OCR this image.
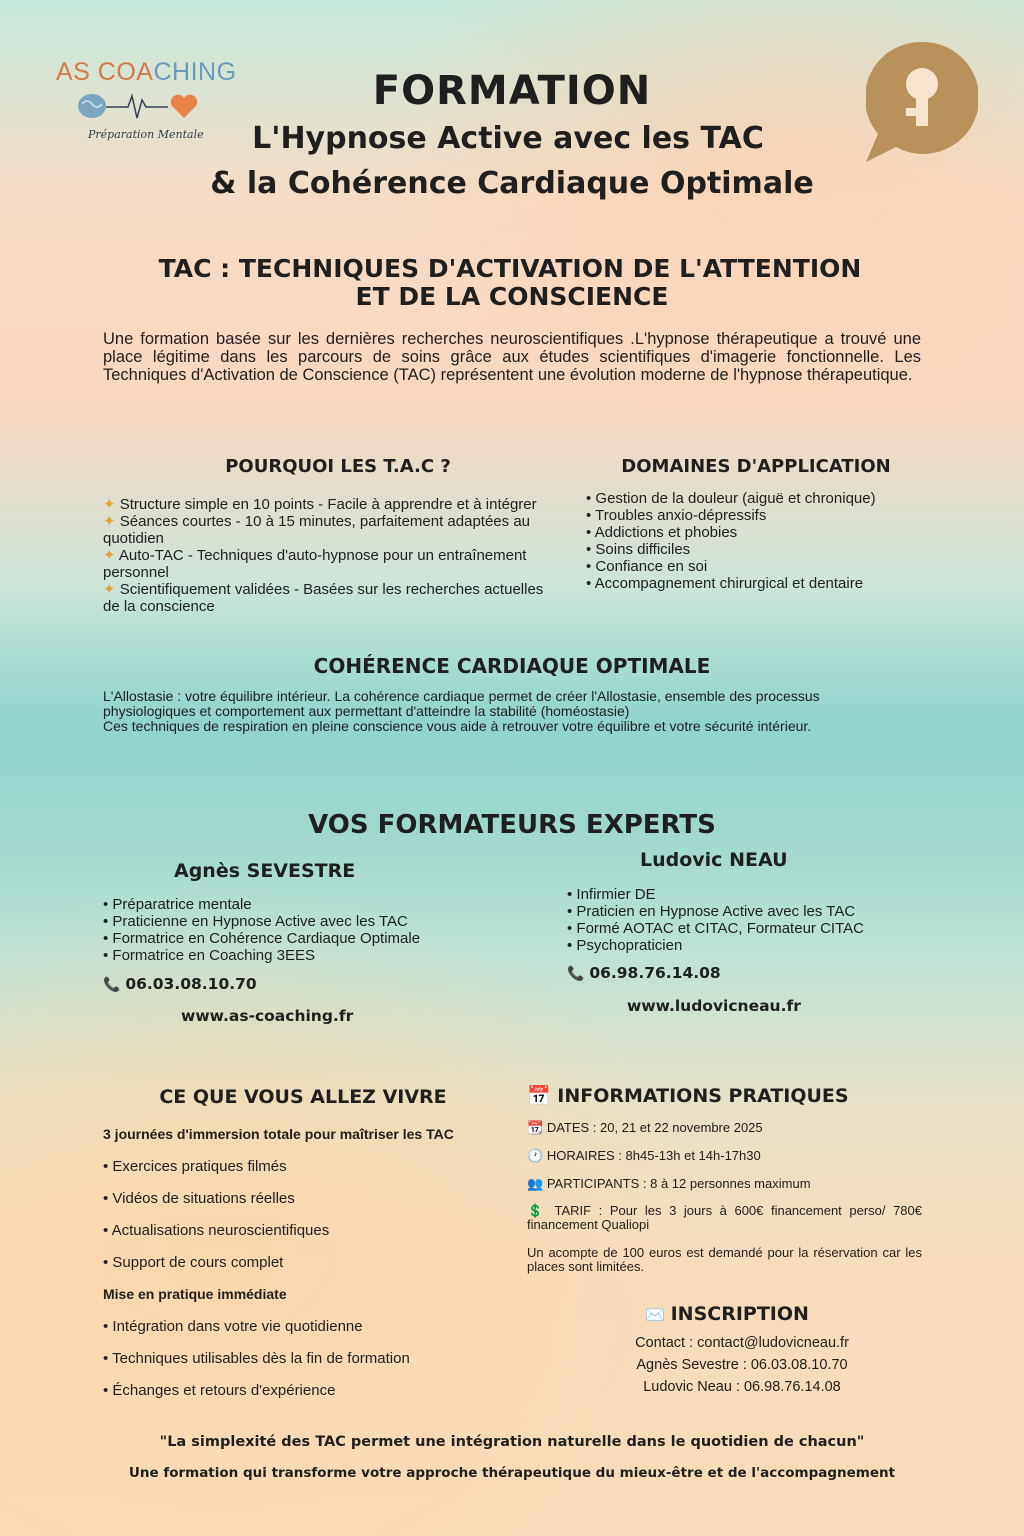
AS COACHING
Préparation Mentale
FORMATION
L'Hypnose Active avec les TAC
& la Cohérence Cardiaque Optimale
TAC : TECHNIQUES D'ACTIVATION DE L'ATTENTION
ET DE LA CONSCIENCE

Une formation basée sur les dernières recherches neuroscientifiques .L'hypnose thérapeutique a trouvé une place légitime dans les parcours de soins grâce aux études scientifiques d'imagerie fonctionnelle. Les Techniques d'Activation de Conscience (TAC) représentent une évolution moderne de l'hypnose thérapeutique.

POURQUOI LES T.A.C ?
✦ Structure simple en 10 points - Facile à apprendre et à intégrer
✦ Séances courtes - 10 à 15 minutes, parfaitement adaptées au quotidien
✦ Auto-TAC - Techniques d'auto-hypnose pour un entraînement personnel
✦ Scientifiquement validées - Basées sur les recherches actuelles de la conscience
DOMAINES D'APPLICATION
• Gestion de la douleur (aiguë et chronique)
• Troubles anxio-dépressifs
• Addictions et phobies
• Soins difficiles
• Confiance en soi
• Accompagnement chirurgical et dentaire
COHÉRENCE CARDIAQUE OPTIMALE
L'Allostasie : votre équilibre intérieur. La cohérence cardiaque permet de créer l'Allostasie, ensemble des processus physiologiques et comportement aux permettant d'atteindre la stabilité (homéostasie)
Ces techniques de respiration en pleine conscience vous aide à retrouver votre équilibre et votre sécurité intérieur.
VOS FORMATEURS EXPERTS
Agnès SEVESTRE
• Préparatrice mentale
• Praticienne en Hypnose Active avec les TAC
• Formatrice en Cohérence Cardiaque Optimale
• Formatrice en Coaching 3EES
📞 06.03.08.10.70
www.as-coaching.fr
Ludovic NEAU
• Infirmier DE
• Praticien en Hypnose Active avec les TAC
• Formé AOTAC et CITAC, Formateur CITAC
• Psychopraticien
📞 06.98.76.14.08
www.ludovicneau.fr
CE QUE VOUS ALLEZ VIVRE
3 journées d'immersion totale pour maîtriser les TAC
• Exercices pratiques filmés
• Vidéos de situations réelles
• Actualisations neuroscientifiques
• Support de cours complet
Mise en pratique immédiate
• Intégration dans votre vie quotidienne
• Techniques utilisables dès la fin de formation
• Échanges et retours d'expérience
📅 INFORMATIONS PRATIQUES
📆 DATES : 20, 21 et 22 novembre 2025
🕐 HORAIRES : 8h45-13h et 14h-17h30
👥 PARTICIPANTS : 8 à 12 personnes maximum
💲 TARIF : Pour les 3 jours à 600€ financement perso/ 780€ financement Qualiopi
Un acompte de 100 euros est demandé pour la réservation car les places sont limitées.
✉️ INSCRIPTION
Contact : contact@ludovicneau.fr
Agnès Sevestre : 06.03.08.10.70
Ludovic Neau : 06.98.76.14.08
"La simplexité des TAC permet une intégration naturelle dans le quotidien de chacun"
Une formation qui transforme votre approche thérapeutique du mieux-être et de l'accompagnement
